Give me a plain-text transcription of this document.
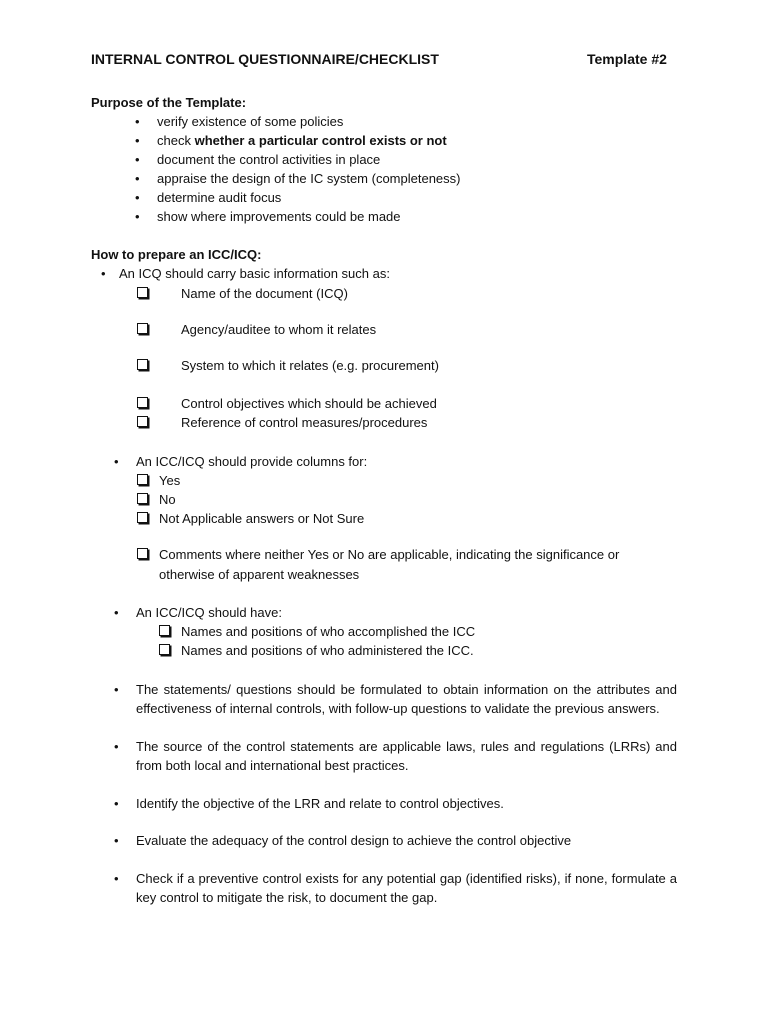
INTERNAL CONTROL QUESTIONNAIRE/CHECKLIST	Template #2
Purpose of the Template:
• verify existence of some policies
• check whether a particular control exists or not
• document the control activities in place
• appraise the design of the IC system (completeness)
• determine audit focus
• show where improvements could be made
How to prepare an ICC/ICQ:
• An ICQ should carry basic information such as:
Name of the document (ICQ)
Agency/auditee to whom it relates
System to which it relates (e.g. procurement)
Control objectives which should be achieved
Reference of control measures/procedures
• An ICC/ICQ should provide columns for:
Yes
No
Not Applicable answers or Not Sure
Comments where neither Yes or No are applicable, indicating the significance or
otherwise of apparent weaknesses
• An ICC/ICQ should have:
Names and positions of who accomplished the ICC
Names and positions of who administered the ICC.
• The statements/ questions should be formulated to obtain information on the attributes and effectiveness of internal controls, with follow-up questions to validate the previous answers.
• The source of the control statements are applicable laws, rules and regulations (LRRs) and from both local and international best practices.
• Identify the objective of the LRR and relate to control objectives.
• Evaluate the adequacy of the control design to achieve the control objective
• Check if a preventive control exists for any potential gap (identified risks), if none, formulate a key control to mitigate the risk, to document the gap.
